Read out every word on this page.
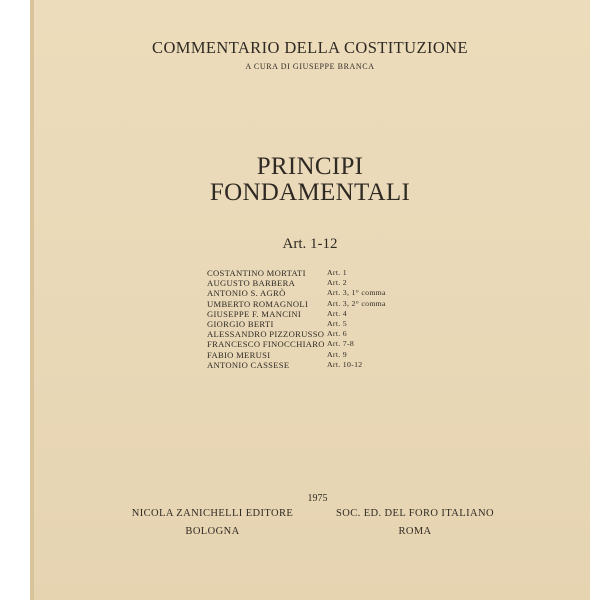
COMMENTARIO DELLA COSTITUZIONE
A CURA DI GIUSEPPE BRANCA
PRINCIPI
FONDAMENTALI
Art. 1-12
COSTANTINO MORTATI	Art. 1
AUGUSTO BARBERA	Art. 2
ANTONIO S. AGRÒ	Art. 3, 1° comma
UMBERTO ROMAGNOLI	Art. 3, 2° comma
GIUSEPPE F. MANCINI	Art. 4
GIORGIO BERTI	Art. 5
ALESSANDRO PIZZORUSSO Art. 6
FRANCESCO FINOCCHIARO Art. 7-8
FABIO MERUSI	Art. 9
ANTONIO CASSESE	Art. 10-12
1975
NICOLA ZANICHELLI EDITORE
BOLOGNA
SOC. ED. DEL FORO ITALIANO
ROMA
